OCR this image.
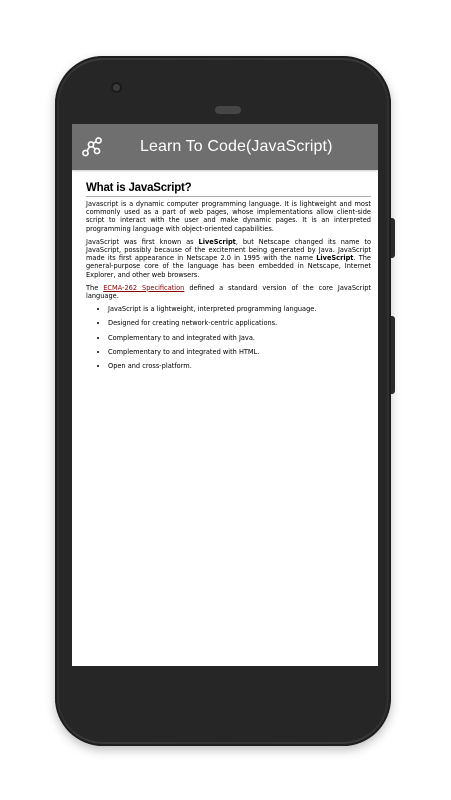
Learn To Code(JavaScript)
What is JavaScript?

Javascript is a dynamic computer programming language. It is lightweight and most commonly used as a part of web pages, whose implementations allow client-side script to interact with the user and make dynamic pages. It is an interpreted programming language with object-oriented capabilities.

JavaScript was first known as LiveScript, but Netscape changed its name to JavaScript, possibly because of the excitement being generated by Java. JavaScript made its first appearance in Netscape 2.0 in 1995 with the name LiveScript. The general-purpose core of the language has been embedded in Netscape, Internet Explorer, and other web browsers.

The ECMA-262 Specification defined a standard version of the core JavaScript language.

• JavaScript is a lightweight, interpreted programming language.
• Designed for creating network-centric applications.
• Complementary to and integrated with Java.
• Complementary to and integrated with HTML.
• Open and cross-platform.
